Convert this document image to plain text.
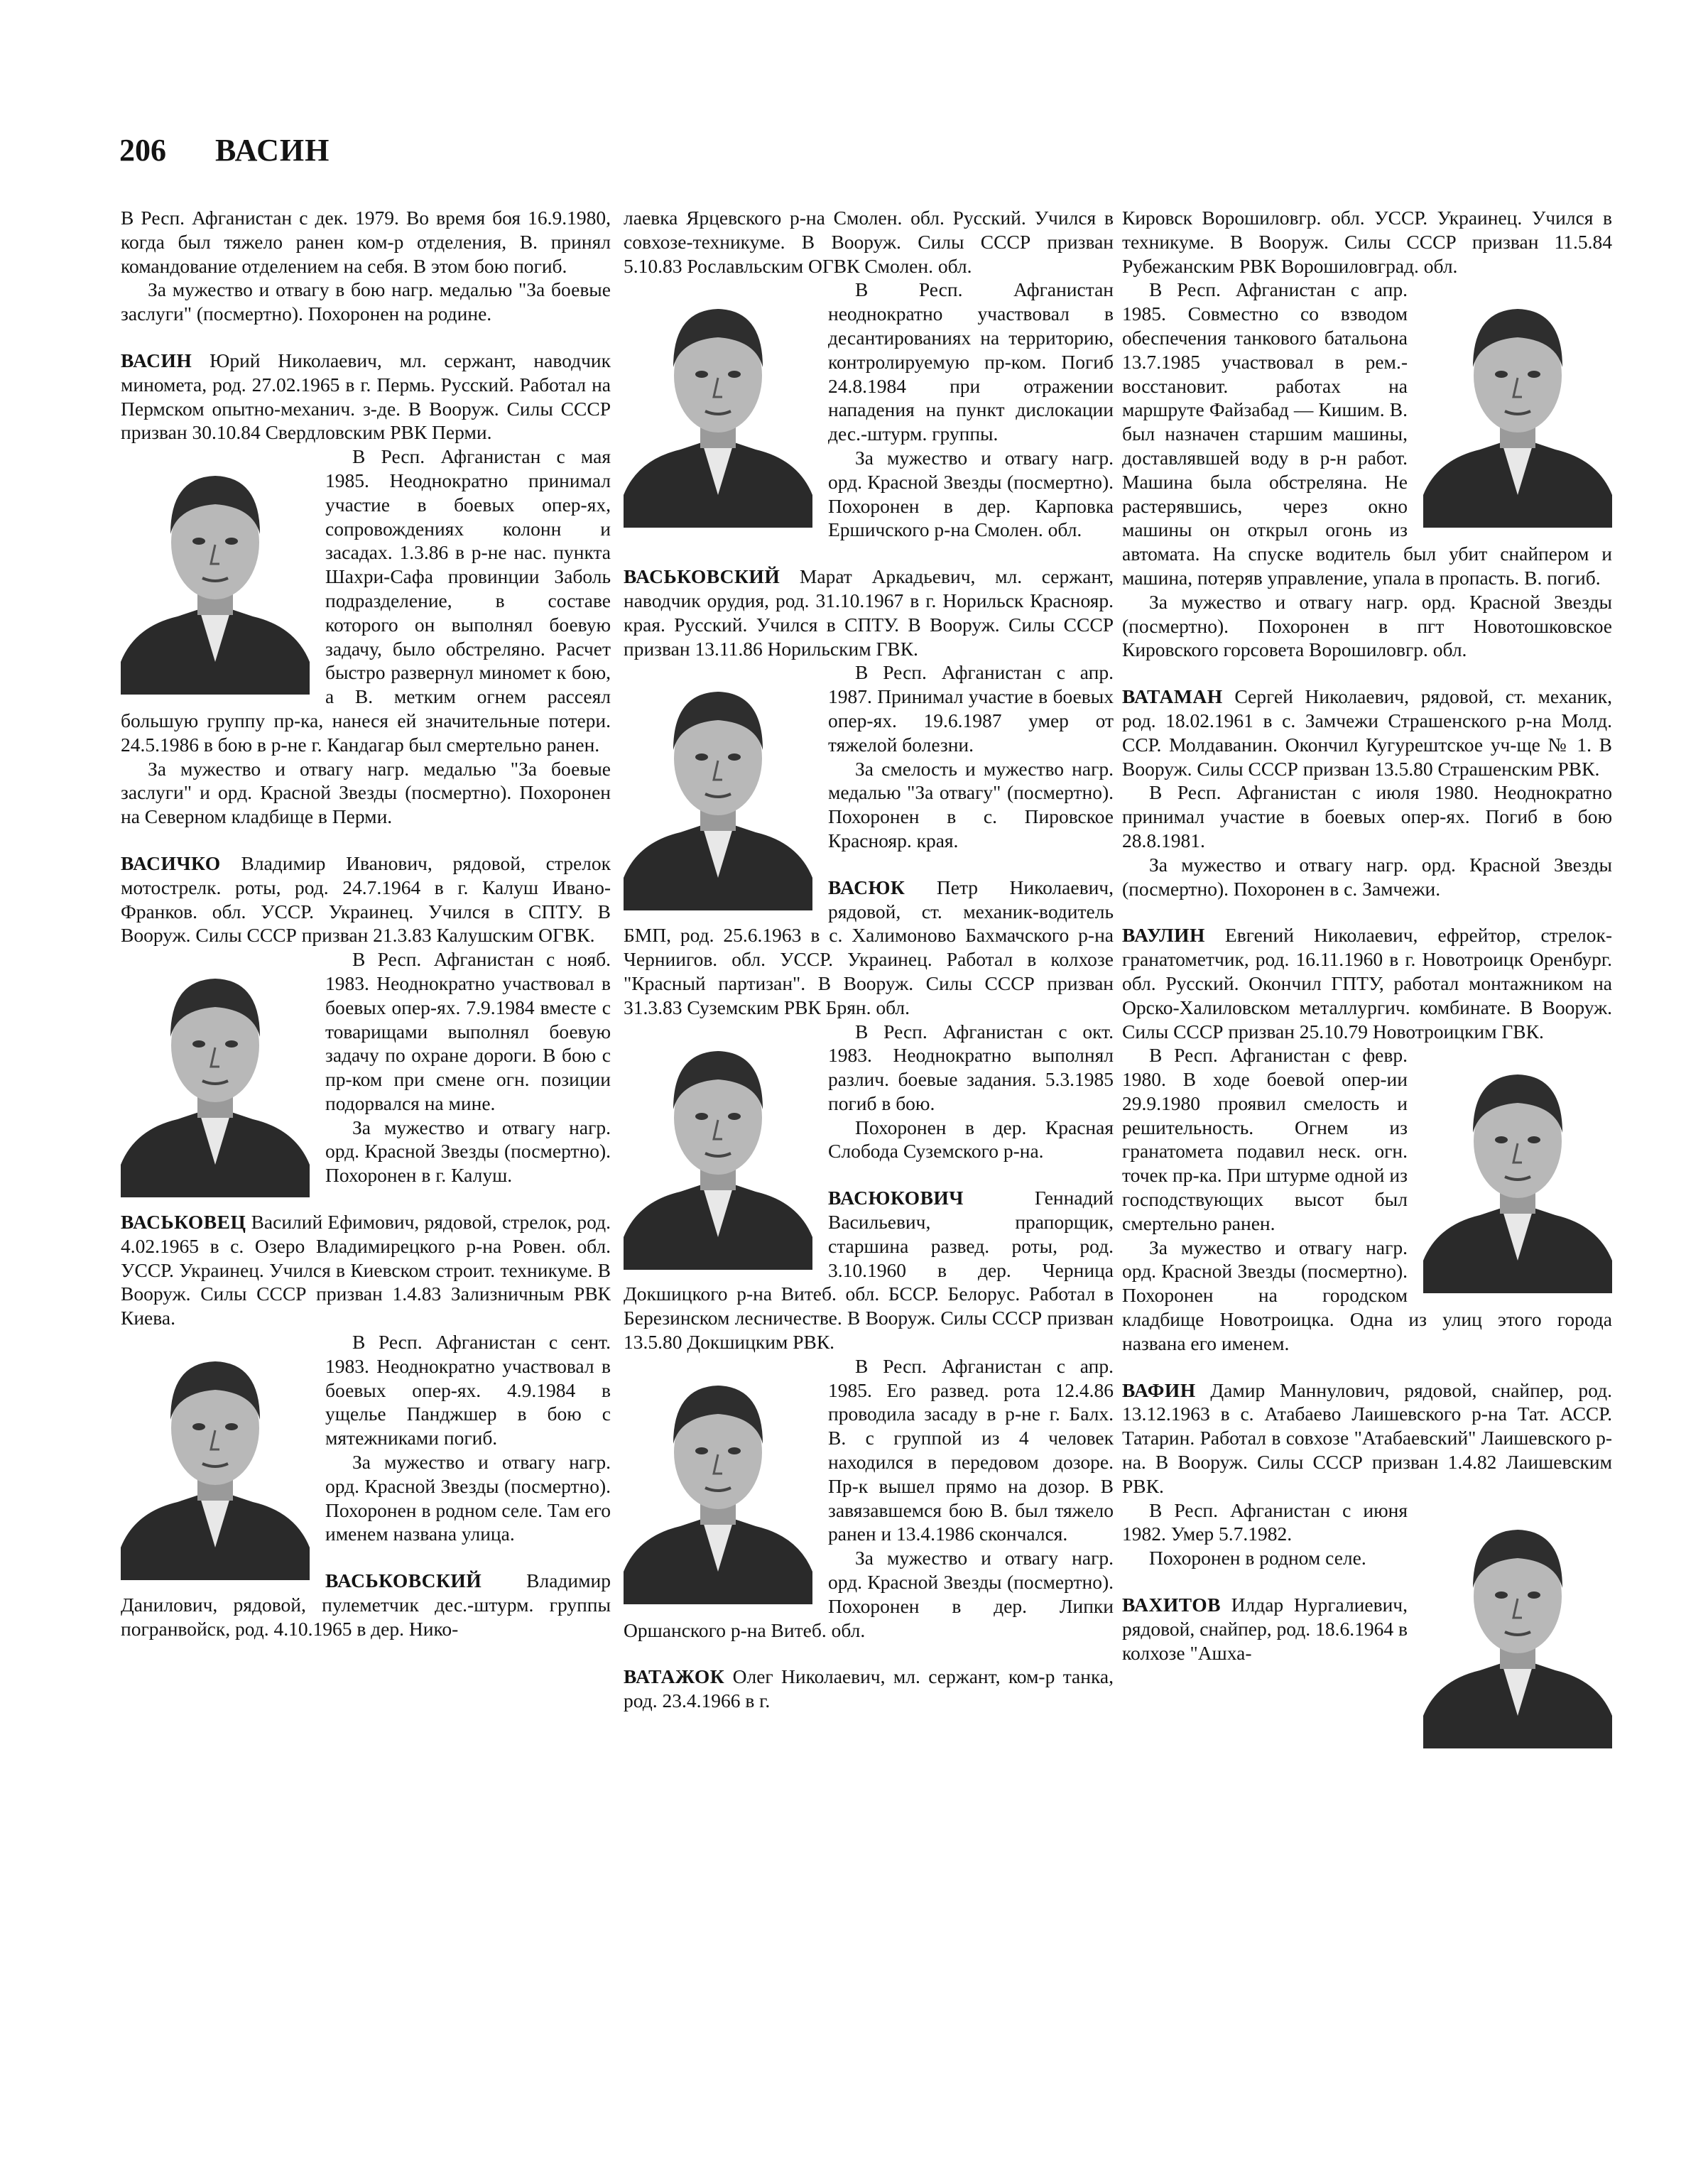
206 ВАСИН

В Респ. Афганистан с дек. 1979. Во время боя 16.9.1980, когда был тяжело ранен ком-р отделения, В. принял командование отделением на себя. В этом бою погиб.

За мужество и отвагу в бою нагр. медалью "За боевые заслуги" (посмертно). Похоронен на родине.

ВАСИН Юрий Николаевич, мл. сержант, наводчик миномета, род. 27.02.1965 в г. Пермь. Русский. Работал на Пермском опытно-механич. з-де. В Вооруж. Силы СССР призван 30.10.84 Свердловским РВК Перми.

В Респ. Афганистан с мая 1985. Неоднократно принимал участие в боевых опер-ях, сопровождениях колонн и засадах. 1.3.86 в р-не нас. пункта Шахри-Сафа провинции Заболь подразделение, в составе которого он выполнял боевую задачу, было обстреляно. Расчет быстро развернул миномет к бою, а В. метким огнем рассеял большую группу пр-ка, нанеся ей значительные потери. 24.5.1986 в бою в р-не г. Кандагар был смертельно ранен.

За мужество и отвагу нагр. медалью "За боевые заслуги" и орд. Красной Звезды (посмертно). Похоронен на Северном кладбище в Перми.

ВАСИЧКО Владимир Иванович, рядовой, стрелок мотострелк. роты, род. 24.7.1964 в г. Калуш Ивано-Франков. обл. УССР. Украинец. Учился в СПТУ. В Вооруж. Силы СССР призван 21.3.83 Калушским ОГВК.

В Респ. Афганистан с нояб. 1983. Неоднократно участвовал в боевых опер-ях. 7.9.1984 вместе с товарищами выполнял боевую задачу по охране дороги. В бою с пр-ком при смене огн. позиции подорвался на мине.

За мужество и отвагу нагр. орд. Красной Звезды (посмертно). Похоронен в г. Калуш.

ВАСЬКОВЕЦ Василий Ефимович, рядовой, стрелок, род. 4.02.1965 в с. Озеро Владимирецкого р-на Ровен. обл. УССР. Украинец. Учился в Киевском строит. техникуме. В Вооруж. Силы СССР призван 1.4.83 Зализничным РВК Киева.

В Респ. Афганистан с сент. 1983. Неоднократно участвовал в боевых опер-ях. 4.9.1984 в ущелье Панджшер в бою с мятежниками погиб.

За мужество и отвагу нагр. орд. Красной Звезды (посмертно). Похоронен в родном селе. Там его именем названа улица.

ВАСЬКОВСКИЙ Владимир Данилович, рядовой, пулеметчик дес.-штурм. группы погранвойск, род. 4.10.1965 в дер. Нико-

лаевка Ярцевского р-на Смолен. обл. Русский. Учился в совхозе-техникуме. В Вооруж. Силы СССР призван 5.10.83 Рославльским ОГВК Смолен. обл.

В Респ. Афганистан неоднократно участвовал в десантированиях на территорию, контролируемую пр-ком. Погиб 24.8.1984 при отражении нападения на пункт дислокации дес.-штурм. группы.

За мужество и отвагу нагр. орд. Красной Звезды (посмертно). Похоронен в дер. Карповка Ершичского р-на Смолен. обл.

ВАСЬКОВСКИЙ Марат Аркадьевич, мл. сержант, наводчик орудия, род. 31.10.1967 в г. Норильск Краснояр. края. Русский. Учился в СПТУ. В Вооруж. Силы СССР призван 13.11.86 Норильским ГВК.

В Респ. Афганистан с апр. 1987. Принимал участие в боевых опер-ях. 19.6.1987 умер от тяжелой болезни.

За смелость и мужество нагр. медалью "За отвагу" (посмертно). Похоронен в с. Пировское Краснояр. края.

ВАСЮК Петр Николаевич, рядовой, ст. механик-водитель БМП, род. 25.6.1963 в с. Халимоново Бахмачского р-на Черниигов. обл. УССР. Украинец. Работал в колхозе "Красный партизан". В Вооруж. Силы СССР призван 31.3.83 Суземским РВК Брян. обл.

В Респ. Афганистан с окт. 1983. Неоднократно выполнял различ. боевые задания. 5.3.1985 погиб в бою.

Похоронен в дер. Красная Слобода Суземского р-на.

ВАСЮКОВИЧ	Геннадий Васильевич, прапорщик, старшина развед. роты, род. 3.10.1960 в дер. Черница Докшицкого р-на Витеб. обл. БССР. Белорус. Работал в Березинском лесничестве. В Вооруж. Силы СССР призван 13.5.80 Докшицким РВК.

В Респ. Афганистан с апр. 1985. Его развед. рота 12.4.86 проводила засаду в р-не г. Балх. В. с группой из 4 человек находился в передовом дозоре. Пр-к вышел прямо на дозор. В завязавшемся бою В. был тяжело ранен и 13.4.1986 скончался.

За мужество и отвагу нагр. орд. Красной Звезды (посмертно). Похоронен в дер. Липки Оршанского р-на Витеб. обл.

ВАТАЖОК Олег Николаевич, мл. сержант, ком-р танка, род. 23.4.1966 в г.

Кировск Ворошиловгр. обл. УССР. Украинец. Учился в техникуме. В Вооруж. Силы СССР призван 11.5.84 Рубежанским РВК Ворошиловград. обл.

В Респ. Афганистан с апр. 1985. Совместно со взводом обеспечения танкового батальона 13.7.1985 участвовал в рем.-восстановит. работах на маршруте Файзабад — Кишим. В. был назначен старшим машины, доставлявшей воду в р-н работ. Машина была обстреляна. Не растерявшись, через окно машины он открыл огонь из автомата. На спуске водитель был убит снайпером и машина, потеряв управление, упала в пропасть. В. погиб.

За мужество и отвагу нагр. орд. Красной Звезды (посмертно). Похоронен в пгт Новотошковское Кировского горсовета Ворошиловгр. обл.

ВАТАМАН Сергей Николаевич, рядовой, ст. механик, род. 18.02.1961 в с. Замчежи Страшенского р-на Молд. ССР. Молдаванин. Окончил Кугурештское уч-ще № 1. В Вооруж. Силы СССР призван 13.5.80 Страшенским РВК.

В Респ. Афганистан с июля 1980. Неоднократно принимал участие в боевых опер-ях. Погиб в бою 28.8.1981.

За мужество и отвагу нагр. орд. Красной Звезды (посмертно). Похоронен в с. Замчежи.

ВАУЛИН Евгений Николаевич, ефрейтор, стрелок-гранатометчик, род. 16.11.1960 в г. Новотроицк Оренбург. обл. Русский. Окончил ГПТУ, работал монтажником на Орско-Халиловском металлургич. комбинате. В Вооруж. Силы СССР призван 25.10.79 Новотроицким ГВК.

В Респ. Афганистан с февр. 1980. В ходе боевой опер-ии 29.9.1980 проявил смелость и решительность. Огнем из гранатомета подавил неск. огн. точек пр-ка. При штурме одной из господствующих высот был смертельно ранен.

За мужество и отвагу нагр. орд. Красной Звезды (посмертно). Похоронен на городском кладбище Новотроицка. Одна из улиц этого города названа его именем.

ВАФИН Дамир Маннулович, рядовой, снайпер, род. 13.12.1963 в с. Атабаево Лаишевского р-на Тат. АССР. Татарин. Работал в совхозе "Атабаевский" Лаишевского р-на. В Вооруж. Силы СССР призван 1.4.82 Лаишевским РВК.

В Респ. Афганистан с июня 1982. Умер 5.7.1982.

Похоронен в родном селе.

ВАХИТОВ Илдар Нургалиевич, рядовой, снайпер, род. 18.6.1964 в колхозе "Ашха-
